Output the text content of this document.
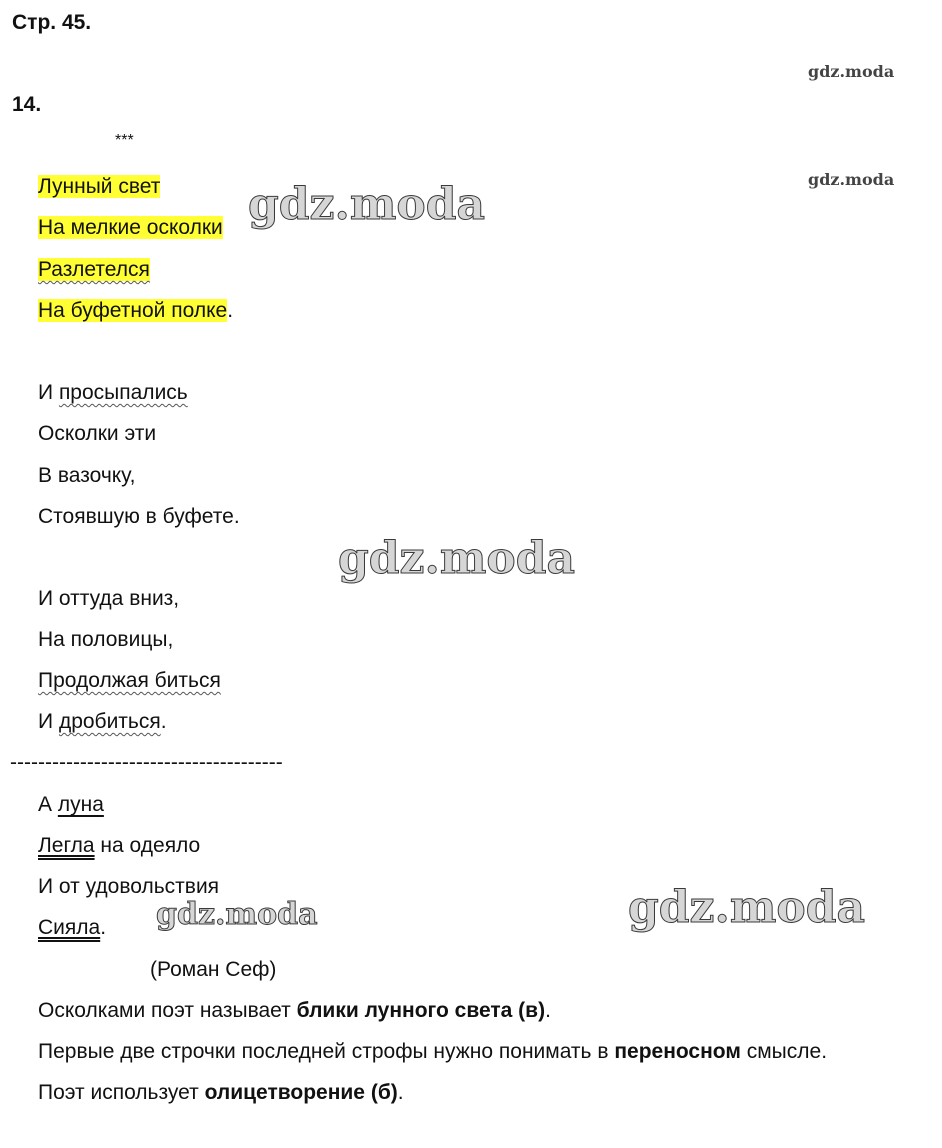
Стр. 45.
14.
***
Лунный свет
На мелкие осколки
Разлетелся
На буфетной полке.
И просыпались
Осколки эти
В вазочку,
Стоявшую в буфете.
И оттуда вниз,
На половицы,
Продолжая биться
И дробиться.
---------------------------------------
А луна
Легла на одеяло
И от удовольствия
Сияла.
(Роман Сеф)
Осколками поэт называет блики лунного света (в).
Первые две строчки последней строфы нужно понимать в переносном смысле.
Поэт использует олицетворение (б).
gdz.moda
gdz.moda
gdz.moda
gdz.moda
gdz.moda	gdz.moda
